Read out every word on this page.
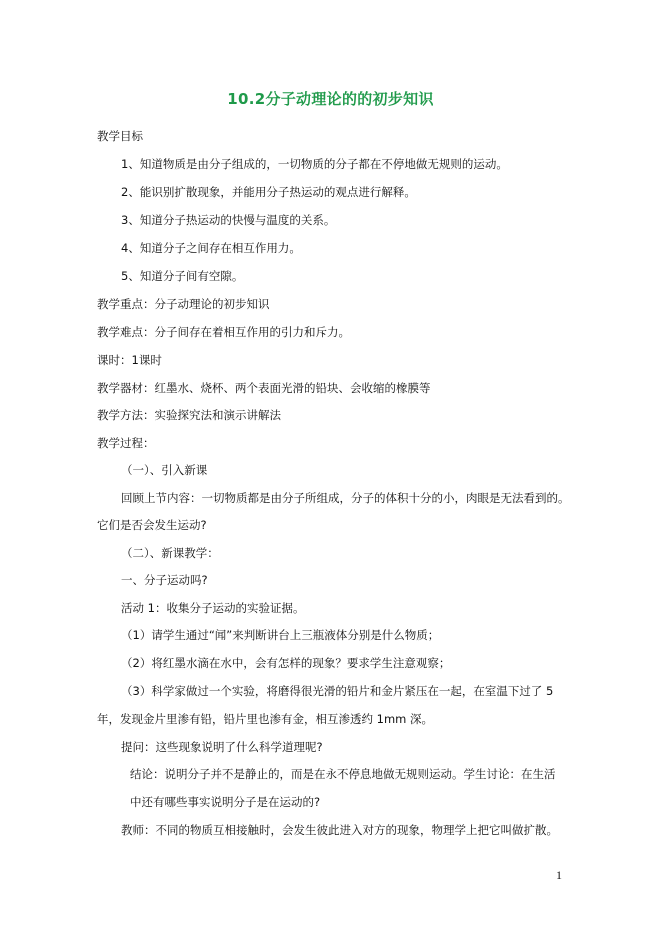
10.2分子动理论的的初步知识
教学目标
1、知道物质是由分子组成的，一切物质的分子都在不停地做无规则的运动。
2、能识别扩散现象，并能用分子热运动的观点进行解释。
3、知道分子热运动的快慢与温度的关系。
4、知道分子之间存在相互作用力。
5、知道分子间有空隙。
教学重点：分子动理论的初步知识
教学难点：分子间存在着相互作用的引力和斥力。
课时：1课时
教学器材：红墨水、烧杯、两个表面光滑的铅块、会收缩的橡膜等
教学方法：实验探究法和演示讲解法
教学过程：
（一）、引入新课
回顾上节内容：一切物质都是由分子所组成，分子的体积十分的小，肉眼是无法看到的。
它们是否会发生运动?
（二）、新课教学：
一、分子运动吗?
活动 1：收集分子运动的实验证据。
（1）请学生通过“闻”来判断讲台上三瓶液体分别是什么物质；
（2）将红墨水滴在水中，会有怎样的现象？要求学生注意观察；
（3）科学家做过一个实验，将磨得很光滑的铅片和金片紧压在一起，在室温下过了 5
年，发现金片里渗有铅，铅片里也渗有金，相互渗透约 1mm 深。
提问：这些现象说明了什么科学道理呢?
结论：说明分子并不是静止的，而是在永不停息地做无规则运动。学生讨论：在生活
中还有哪些事实说明分子是在运动的?
教师：不同的物质互相接触时，会发生彼此进入对方的现象，物理学上把它叫做扩散。
1
